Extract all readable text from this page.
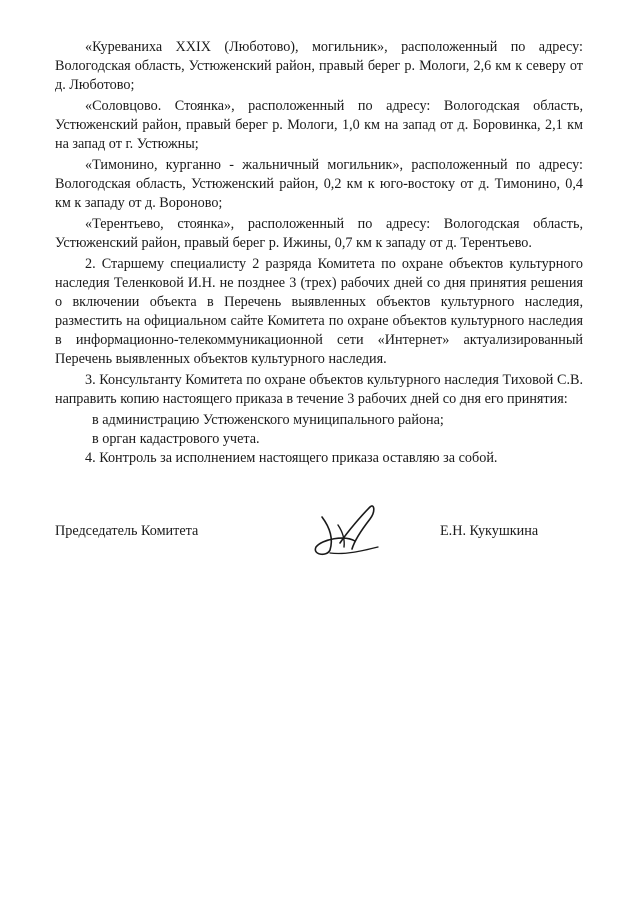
«Куреваниха XXIX (Люботово), могильник», расположенный по адресу: Вологодская область, Устюженский район, правый берег р. Мологи, 2,6 км к северу от д. Люботово;

«Соловцово. Стоянка», расположенный по адресу: Вологодская область, Устюженский район, правый берег р. Мологи, 1,0 км на запад от д. Боровинка, 2,1 км на запад от г. Устюжны;

«Тимонино, курганно - жальничный могильник», расположенный по адресу: Вологодская область, Устюженский район, 0,2 км к юго-востоку от д. Тимонино, 0,4 км к западу от д. Вороново;

«Терентьево, стоянка», расположенный по адресу: Вологодская область, Устюженский район, правый берег р. Ижины, 0,7 км к западу от д. Терентьево.

2. Старшему специалисту 2 разряда Комитета по охране объектов культурного наследия Теленковой И.Н. не позднее 3 (трех) рабочих дней со дня принятия решения о включении объекта в Перечень выявленных объектов культурного наследия, разместить на официальном сайте Комитета по охране объектов культурного наследия в информационно-телекоммуникационной сети «Интернет» актуализированный Перечень выявленных объектов культурного наследия.

3. Консультанту Комитета по охране объектов культурного наследия Тиховой С.В. направить копию настоящего приказа в течение 3 рабочих дней со дня его принятия:

в администрацию Устюженского муниципального района;

в орган кадастрового учета.

4. Контроль за исполнением настоящего приказа оставляю за собой.

Председатель Комитета	Е.Н. Кукушкина
